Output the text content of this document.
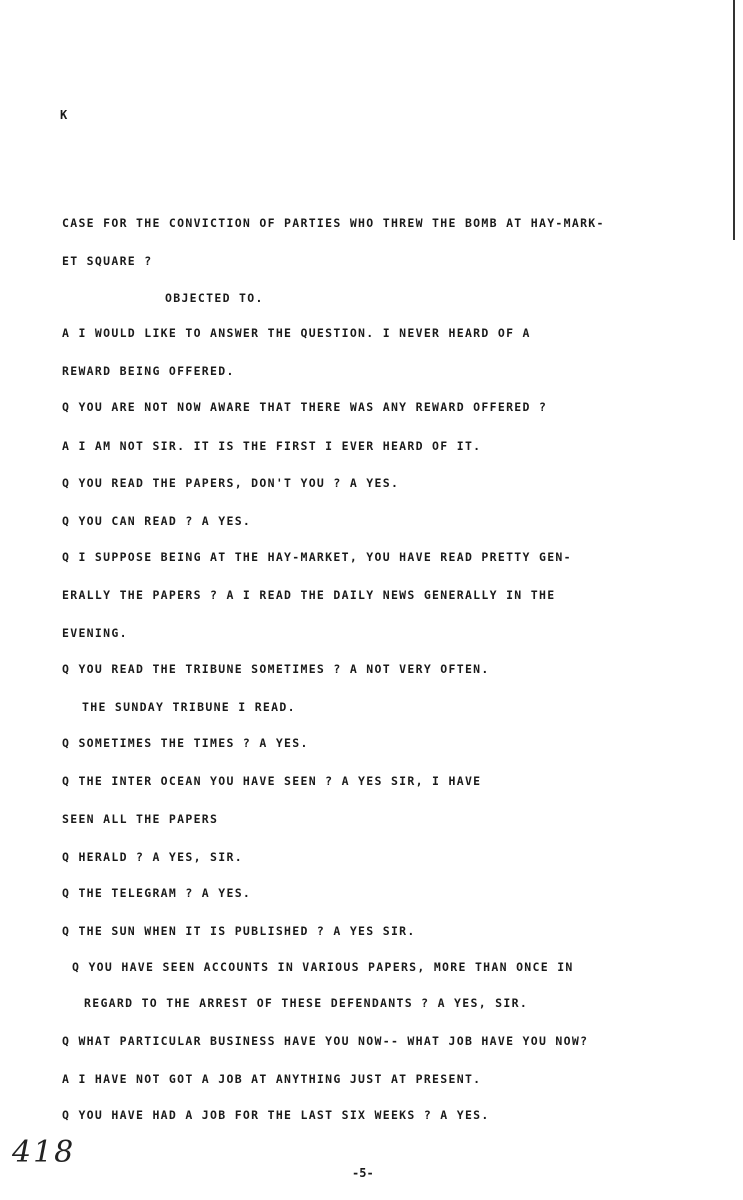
K
CASE FOR THE CONVICTION OF PARTIES WHO THREW THE BOMB AT HAY-MARK-
ET SQUARE ?
OBJECTED TO.
A I WOULD LIKE TO ANSWER THE QUESTION. I NEVER HEARD OF A
REWARD BEING OFFERED.
Q YOU ARE NOT NOW AWARE THAT THERE WAS ANY REWARD OFFERED ?
A I AM NOT SIR. IT IS THE FIRST I EVER HEARD OF IT.
Q YOU READ THE PAPERS, DON'T YOU ? A YES.
Q YOU CAN READ ? A YES.
Q I SUPPOSE BEING AT THE HAY-MARKET, YOU HAVE READ PRETTY GEN-
ERALLY THE PAPERS ? A I READ THE DAILY NEWS GENERALLY IN THE
EVENING.
Q YOU READ THE TRIBUNE SOMETIMES ? A NOT VERY OFTEN.
THE SUNDAY TRIBUNE I READ.
Q SOMETIMES THE TIMES ? A YES.
Q THE INTER OCEAN YOU HAVE SEEN ? A YES SIR, I HAVE
SEEN ALL THE PAPERS
Q HERALD ? A YES, SIR.
Q THE TELEGRAM ? A YES.
Q THE SUN WHEN IT IS PUBLISHED ? A YES SIR.
Q YOU HAVE SEEN ACCOUNTS IN VARIOUS PAPERS, MORE THAN ONCE IN
REGARD TO THE ARREST OF THESE DEFENDANTS ? A YES, SIR.
Q WHAT PARTICULAR BUSINESS HAVE YOU NOW-- WHAT JOB HAVE YOU NOW?
A I HAVE NOT GOT A JOB AT ANYTHING JUST AT PRESENT.
Q YOU HAVE HAD A JOB FOR THE LAST SIX WEEKS ? A YES.
418
-5-
